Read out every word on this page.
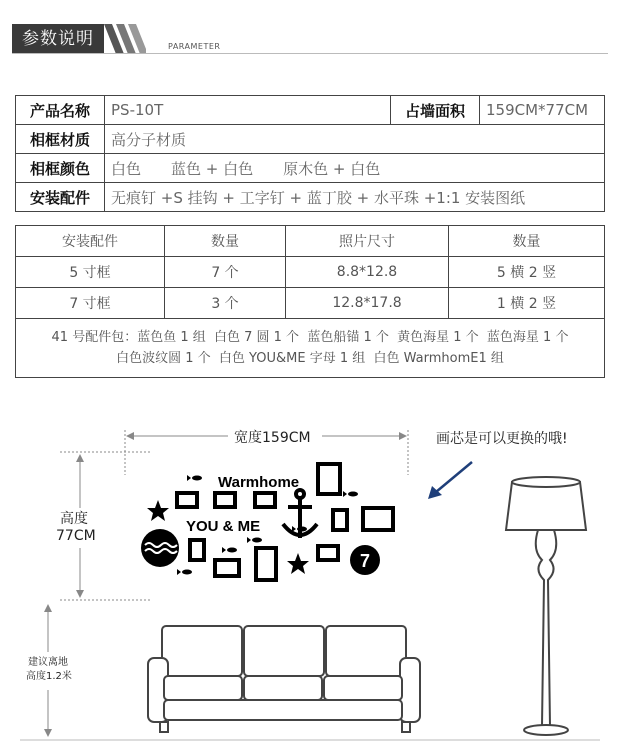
参数说明	PARAMETER
产品名称	PS-10T	占墙面积	159CM*77CM
相框材质	高分子材质		
相框颜色	白色　　蓝色 + 白色　　原木色 + 白色		
安装配件	无痕钉 +S 挂钩 + 工字钉 + 蓝丁胶 + 水平珠 +1:1 安装图纸		
安装配件	数量	照片尺寸	数量
5 寸框	7 个	8.8*12.8	5 横 2 竖
7 寸框	3 个	12.8*17.8	1 横 2 竖

41 号配件包：蓝色鱼 1 组  白色 7 圆 1 个  蓝色船锚 1 个  黄色海星 1 个  蓝色海星 1 个
白色波纹圆 1 个  白色 YOU&ME 字母 1 组  白色 WarmhomE1 组			
7
Warmhome
YOU & ME
宽度159CM
高度
77CM
建议离地
高度1.2米
画芯是可以更换的哦!
